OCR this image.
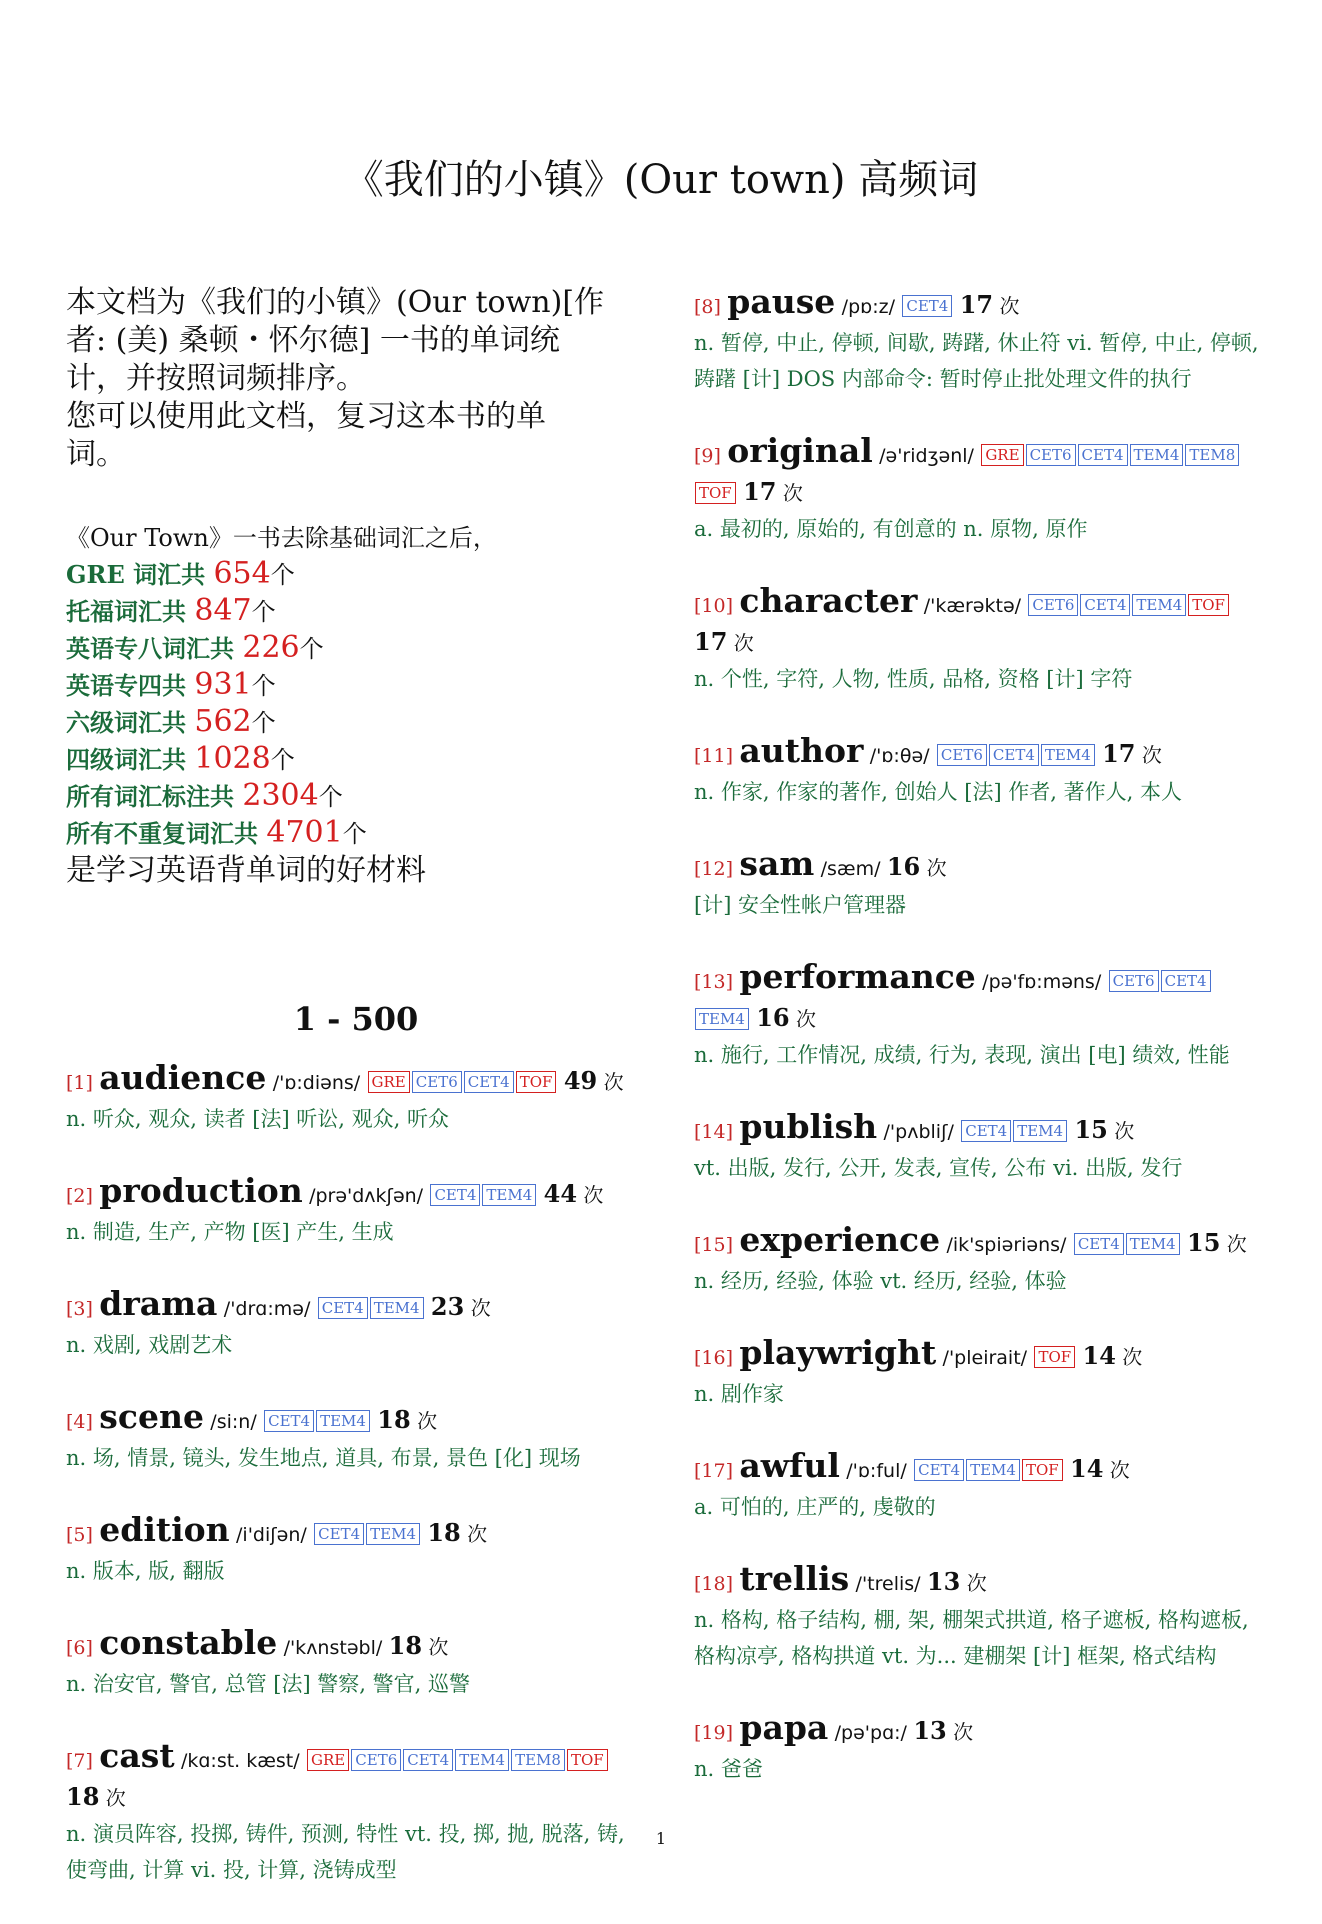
《我们的小镇》(Our town) 高频词
本文档为《我们的小镇》(Our town)[作
者: (美) 桑顿・怀尔德] 一书的单词统
计，并按照词频排序。
您可以使用此文档，复习这本书的单
词。
《Our Town》一书去除基础词汇之后，
GRE 词汇共 654个
托福词汇共 847个
英语专八词汇共 226个
英语专四共 931个
六级词汇共 562个
四级词汇共 1028个
所有词汇标注共 2304个
所有不重复词汇共 4701个
是学习英语背单词的好材料
1 - 500
[1] audience /'ɒ:diəns/ GRE CET6 CET4 TOF 49 次
n. 听众, 观众, 读者 [法] 听讼, 观众, 听众
[2] production /prə'dʌkʃən/ CET4 TEM4 44 次
n. 制造, 生产, 产物 [医] 产生, 生成
[3] drama /'drɑ:mə/ CET4 TEM4 23 次
n. 戏剧, 戏剧艺术
[4] scene /si:n/ CET4 TEM4 18 次
n. 场, 情景, 镜头, 发生地点, 道具, 布景, 景色 [化] 现场
[5] edition /i'diʃən/ CET4 TEM4 18 次
n. 版本, 版, 翻版
[6] constable /'kʌnstəbl/ 18 次
n. 治安官, 警官, 总管 [法] 警察, 警官, 巡警
[7] cast /kɑ:st. kæst/ GRE CET6 CET4 TEM4 TEM8 TOF 18 次
n. 演员阵容, 投掷, 铸件, 预测, 特性 vt. 投, 掷, 抛, 脱落, 铸, 使弯曲, 计算 vi. 投, 计算, 浇铸成型
[8] pause /pɒ:z/ CET4 17 次
n. 暂停, 中止, 停顿, 间歇, 踌躇, 休止符 vi. 暂停, 中止, 停顿, 踌躇 [计] DOS 内部命令: 暂时停止批处理文件的执行
[9] original /ə'ridʒənl/ GRE CET6 CET4 TEM4 TEM8TOF 17 次
a. 最初的, 原始的, 有创意的 n. 原物, 原作
[10] character /'kærəktə/ CET6 CET4 TEM4 TOF 17 次
n. 个性, 字符, 人物, 性质, 品格, 资格 [计] 字符
[11] author /'ɒ:θə/ CET6 CET4 TEM4 17 次
n. 作家, 作家的著作, 创始人 [法] 作者, 著作人, 本人
[12] sam /sæm/ 16 次
[计] 安全性帐户管理器
[13] performance /pə'fɒ:məns/ CET6 CET4TEM4 16 次
n. 施行, 工作情况, 成绩, 行为, 表现, 演出 [电] 绩效, 性能
[14] publish /'pʌbliʃ/ CET4 TEM4 15 次
vt. 出版, 发行, 公开, 发表, 宣传, 公布 vi. 出版, 发行
[15] experience /ik'spiəriəns/ CET4 TEM4 15 次
n. 经历, 经验, 体验 vt. 经历, 经验, 体验
[16] playwright /'pleirait/ TOF 14 次
n. 剧作家
[17] awful /'ɒ:ful/ CET4 TEM4 TOF 14 次
a. 可怕的, 庄严的, 虔敬的
[18] trellis /'trelis/ 13 次
n. 格构, 格子结构, 棚, 架, 棚架式拱道, 格子遮板, 格构遮板, 格构凉亭, 格构拱道 vt. 为... 建棚架 [计] 框架, 格式结构
[19] papa /pə'pɑ:/ 13 次
n. 爸爸
1
